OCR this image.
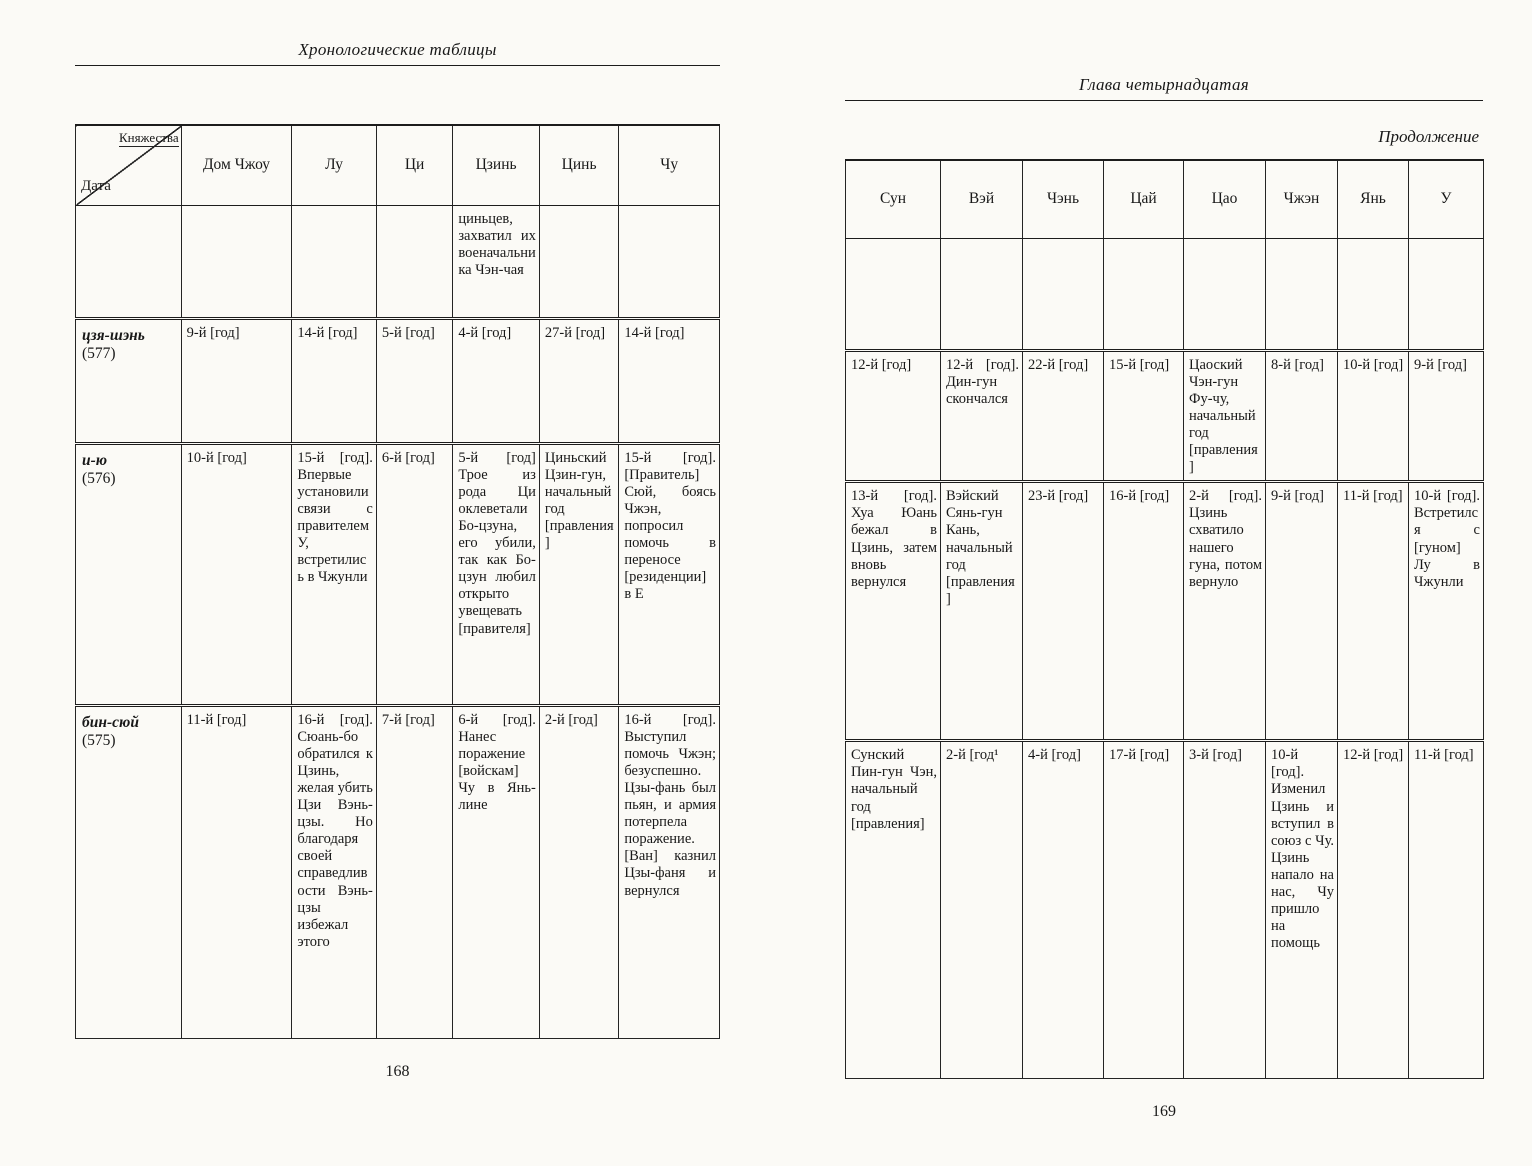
Хронологические таблицы
Княжества
Дата	Дом Чжоу	Лу	Ци	Цзинь	Цинь	Чу

				циньцев, захватил их военачальника Чэн-чая		

цзя-шэнь
(577)	9-й [год]	14-й [год]	5-й [год]	4-й [год]	27-й [год]	14-й [год]

и-ю
(576)	10-й [год]	15-й [год]. Впервые установили связи с правителем У, встретились в Чжунли	6-й [год]	5-й [год] Трое из рода Ци оклеветали Бо-цзуна, его убили, так как Бо-цзун любил открыто увещевать [правителя]	Циньский Цзин-гун, начальный год [правления]	15-й [год]. [Правитель] Сюй, боясь Чжэн, попросил помочь в переносе [резиденции] в Е

бин-сюй
(575)	11-й [год]	16-й [год]. Сюань-бо обратился к Цзинь, желая убить Цзи Вэнь-цзы. Но благодаря своей справедливости Вэнь-цзы избежал этого	7-й [год]	6-й [год]. Нанес поражение [войскам] Чу в Янь-лине	2-й [год]	16-й [год]. Выступил помочь Чжэн; безуспешно. Цзы-фань был пьян, и армия потерпела поражение. [Ван] казнил Цзы-фаня и вернулся
168
Глава четырнадцатая
Продолжение
Сун	Вэй	Чэнь	Цай	Цао	Чжэн	Янь	У

12-й [год]	12-й [год]. Дин-гун скончался	22-й [год]	15-й [год]	Цаоский Чэн-гун Фу-чу, начальный год [правления]	8-й [год]	10-й [год]	9-й [год]
13-й [год]. Хуа Юань бежал в Цзинь, затем вновь вернулся	Вэйский Сянь-гун Кань, начальный год [правления]	23-й [год]	16-й [год]	2-й [год]. Цзинь схватило нашего гуна, потом вернуло	9-й [год]	11-й [год]	10-й [год]. Встретился с [гуном] Лу в Чжунли
Сунский Пин-гун Чэн, начальный год [правления]	2-й [год¹	4-й [год]	17-й [год]	3-й [год]	10-й [год]. Изменил Цзинь и вступил в союз с Чу. Цзинь напало на нас, Чу пришло на помощь	12-й [год]	11-й [год]
169
